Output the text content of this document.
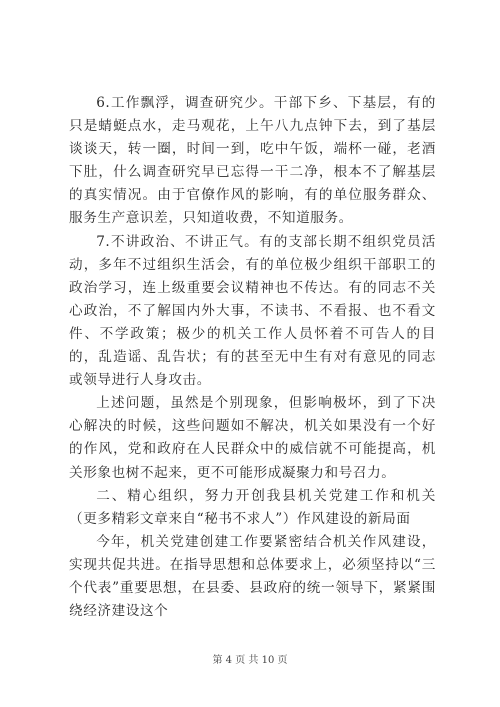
6.工作飘浮，调查研究少。干部下乡、下基层，有的只是蜻蜓点水，走马观花，上午八九点钟下去，到了基层谈谈天，转一圈，时间一到，吃中午饭，端杯一碰，老酒下肚，什么调查研究早已忘得一干二净，根本不了解基层的真实情况。由于官僚作风的影响，有的单位服务群众、服务生产意识差，只知道收费，不知道服务。

7.不讲政治、不讲正气。有的支部长期不组织党员活动，多年不过组织生活会，有的单位极少组织干部职工的政治学习，连上级重要会议精神也不传达。有的同志不关心政治，不了解国内外大事，不读书、不看报、也不看文件、不学政策；极少的机关工作人员怀着不可告人的目的，乱造谣、乱告状；有的甚至无中生有对有意见的同志或领导进行人身攻击。

上述问题，虽然是个别现象，但影响极坏，到了下决心解决的时候，这些问题如不解决，机关如果没有一个好的作风，党和政府在人民群众中的威信就不可能提高，机关形象也树不起来，更不可能形成凝聚力和号召力。

二、精心组织，努力开创我县机关党建工作和机关（更多精彩文章来自“秘书不求人”）作风建设的新局面

今年，机关党建创建工作要紧密结合机关作风建设，实现共促共进。在指导思想和总体要求上，必须坚持以“三个代表”重要思想，在县委、县政府的统一领导下，紧紧围绕经济建设这个

第 4 页 共 10 页
